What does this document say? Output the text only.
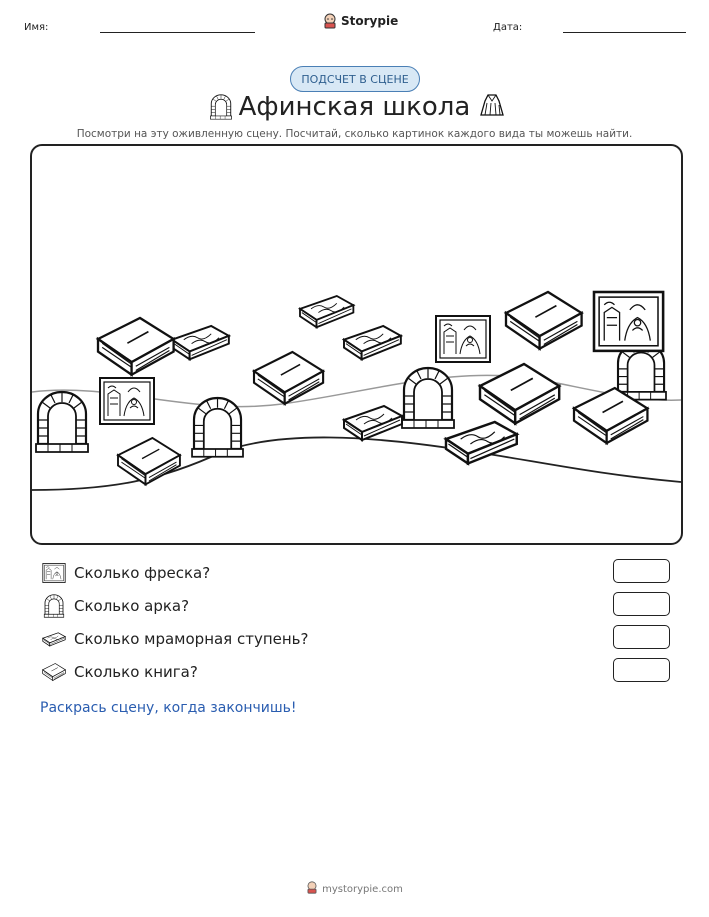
Имя:	Storypie	Дата:
ПОДСЧЕТ В СЦЕНЕ
Афинская школа
Посмотри на эту оживленную сцену. Посчитай, сколько картинок каждого вида ты можешь найти.
Сколько фреска?
Сколько арка?
Сколько мраморная ступень?
Сколько книга?
Раскрась сцену, когда закончишь!
mystorypie.com
